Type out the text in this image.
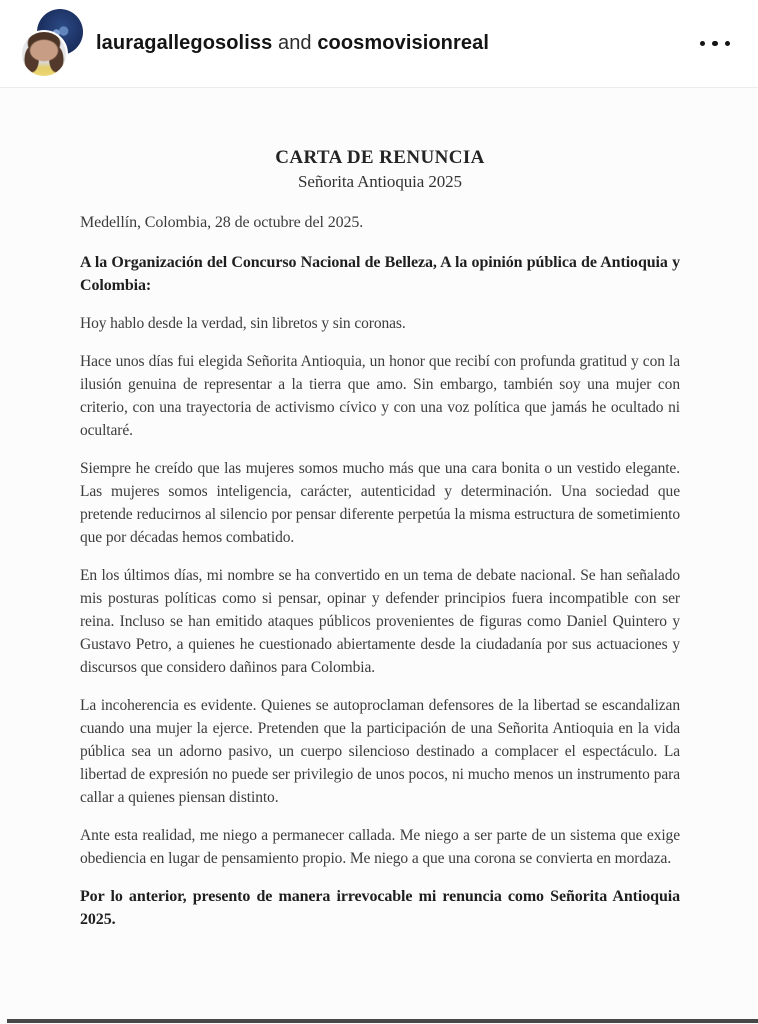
lauragallegosoliss and coosmovisionreal
CARTA DE RENUNCIA
Señorita Antioquia 2025

Medellín, Colombia, 28 de octubre del 2025.

A la Organización del Concurso Nacional de Belleza, A la opinión pública de Antioquia y Colombia:

Hoy hablo desde la verdad, sin libretos y sin coronas.

Hace unos días fui elegida Señorita Antioquia, un honor que recibí con profunda gratitud y con la ilusión genuina de representar a la tierra que amo. Sin embargo, también soy una mujer con criterio, con una trayectoria de activismo cívico y con una voz política que jamás he ocultado ni ocultaré.

Siempre he creído que las mujeres somos mucho más que una cara bonita o un vestido elegante. Las mujeres somos inteligencia, carácter, autenticidad y determinación. Una sociedad que pretende reducirnos al silencio por pensar diferente perpetúa la misma estructura de sometimiento que por décadas hemos combatido.

En los últimos días, mi nombre se ha convertido en un tema de debate nacional. Se han señalado mis posturas políticas como si pensar, opinar y defender principios fuera incompatible con ser reina. Incluso se han emitido ataques públicos provenientes de figuras como Daniel Quintero y Gustavo Petro, a quienes he cuestionado abiertamente desde la ciudadanía por sus actuaciones y discursos que considero dañinos para Colombia.

La incoherencia es evidente. Quienes se autoproclaman defensores de la libertad se escandalizan cuando una mujer la ejerce. Pretenden que la participación de una Señorita Antioquia en la vida pública sea un adorno pasivo, un cuerpo silencioso destinado a complacer el espectáculo. La libertad de expresión no puede ser privilegio de unos pocos, ni mucho menos un instrumento para callar a quienes piensan distinto.

Ante esta realidad, me niego a permanecer callada. Me niego a ser parte de un sistema que exige obediencia en lugar de pensamiento propio. Me niego a que una corona se convierta en mordaza.

Por lo anterior, presento de manera irrevocable mi renuncia como Señorita Antioquia 2025.
